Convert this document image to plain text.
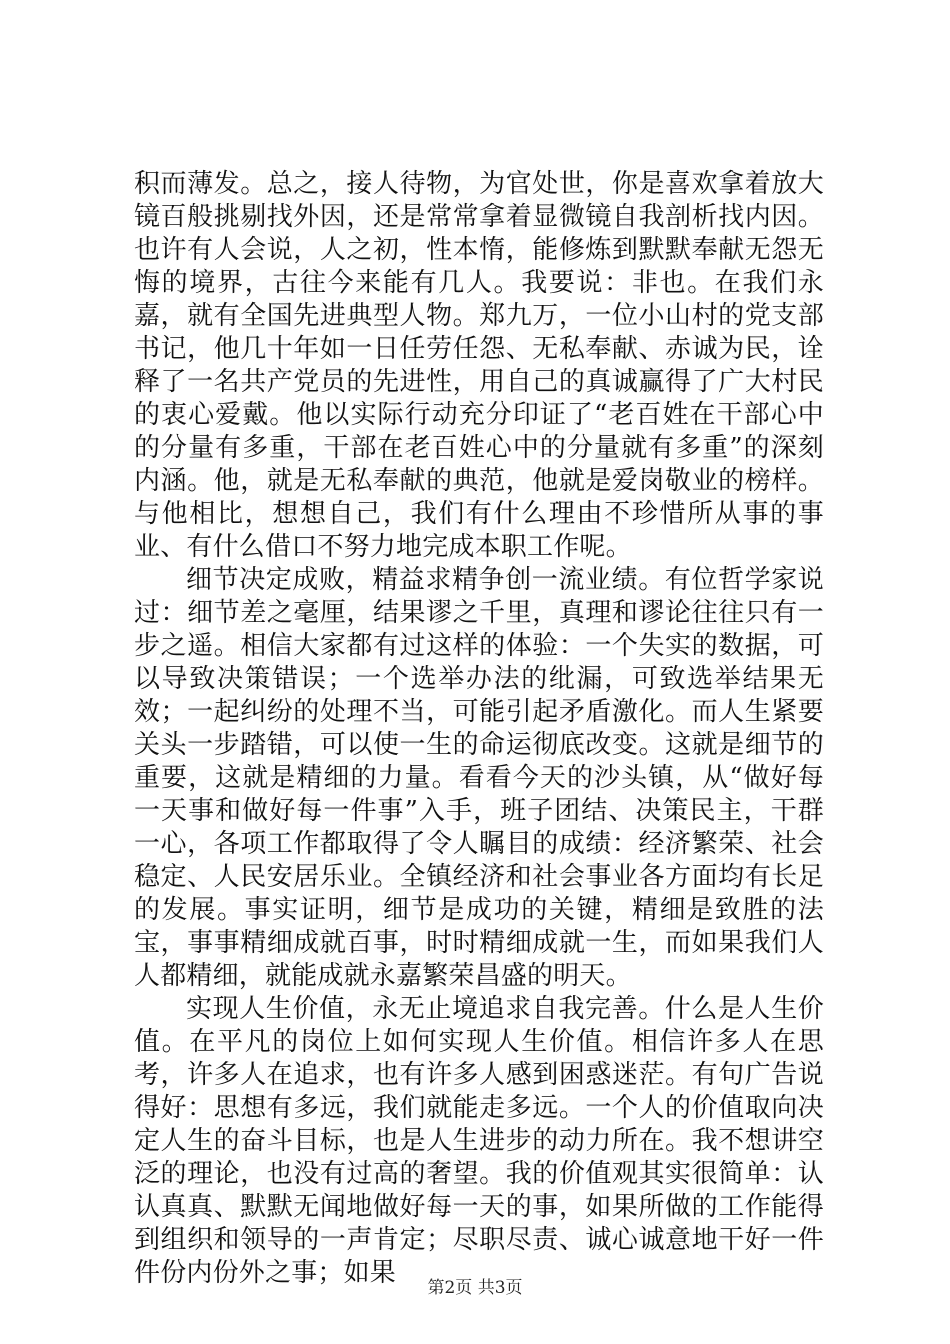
积而薄发。总之，接人待物，为官处世，你是喜欢拿着放大镜百般挑剔找外因，还是常常拿着显微镜自我剖析找内因。也许有人会说，人之初，性本惰，能修炼到默默奉献无怨无悔的境界，古往今来能有几人。我要说：非也。在我们永嘉，就有全国先进典型人物。郑九万，一位小山村的党支部书记，他几十年如一日任劳任怨、无私奉献、赤诚为民，诠释了一名共产党员的先进性，用自己的真诚赢得了广大村民的衷心爱戴。他以实际行动充分印证了“老百姓在干部心中的分量有多重，干部在老百姓心中的分量就有多重”的深刻内涵。他，就是无私奉献的典范，他就是爱岗敬业的榜样。与他相比，想想自己，我们有什么理由不珍惜所从事的事业、有什么借口不努力地完成本职工作呢。

细节决定成败，精益求精争创一流业绩。有位哲学家说过：细节差之毫厘，结果谬之千里，真理和谬论往往只有一步之遥。相信大家都有过这样的体验：一个失实的数据，可以导致决策错误；一个选举办法的纰漏，可致选举结果无效；一起纠纷的处理不当，可能引起矛盾激化。而人生紧要关头一步踏错，可以使一生的命运彻底改变。这就是细节的重要，这就是精细的力量。看看今天的沙头镇，从“做好每一天事和做好每一件事”入手，班子团结、决策民主，干群一心，各项工作都取得了令人瞩目的成绩：经济繁荣、社会稳定、人民安居乐业。全镇经济和社会事业各方面均有长足的发展。事实证明，细节是成功的关键，精细是致胜的法宝，事事精细成就百事，时时精细成就一生，而如果我们人人都精细，就能成就永嘉繁荣昌盛的明天。

实现人生价值，永无止境追求自我完善。什么是人生价值。在平凡的岗位上如何实现人生价值。相信许多人在思考，许多人在追求，也有许多人感到困惑迷茫。有句广告说得好：思想有多远，我们就能走多远。一个人的价值取向决定人生的奋斗目标，也是人生进步的动力所在。我不想讲空泛的理论，也没有过高的奢望。我的价值观其实很简单：认认真真、默默无闻地做好每一天的事，如果所做的工作能得到组织和领导的一声肯定；尽职尽责、诚心诚意地干好一件件份内份外之事；如果	第2页 共3页
